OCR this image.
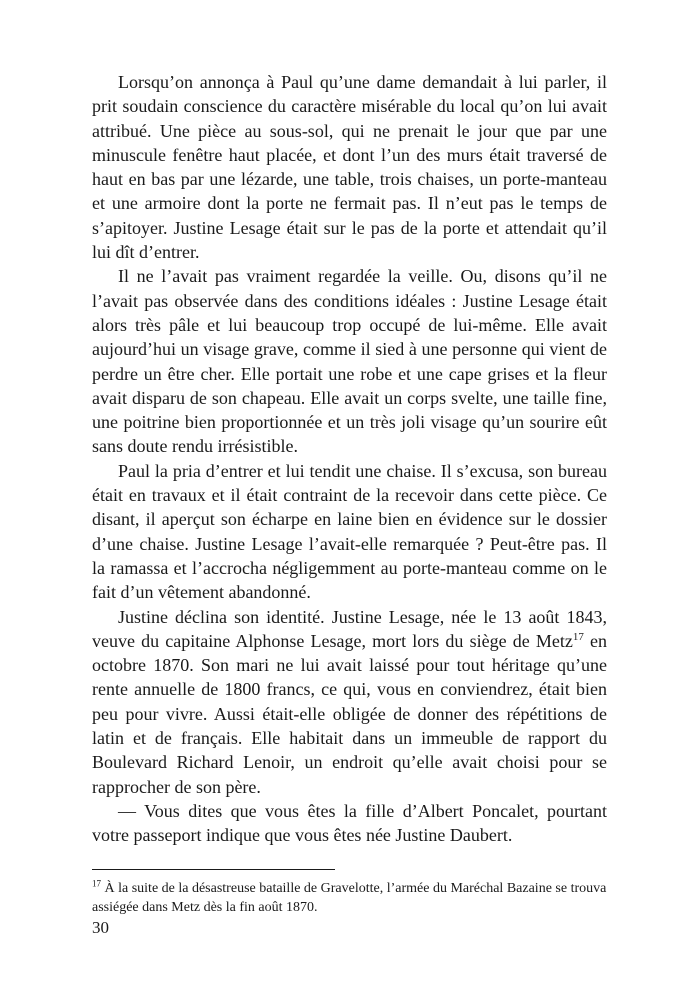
Lorsqu’on annonça à Paul qu’une dame demandait à lui parler, il prit soudain conscience du caractère misérable du local qu’on lui avait attribué. Une pièce au sous-sol, qui ne prenait le jour que par une minuscule fenêtre haut placée, et dont l’un des murs était traversé de haut en bas par une lézarde, une table, trois chaises, un porte-manteau et une armoire dont la porte ne fermait pas. Il n’eut pas le temps de s’apitoyer. Justine Lesage était sur le pas de la porte et attendait qu’il lui dît d’entrer.

Il ne l’avait pas vraiment regardée la veille. Ou, disons qu’il ne l’avait pas observée dans des conditions idéales : Justine Lesage était alors très pâle et lui beaucoup trop occupé de lui-même. Elle avait aujourd’hui un visage grave, comme il sied à une personne qui vient de perdre un être cher. Elle portait une robe et une cape grises et la fleur avait disparu de son chapeau. Elle avait un corps svelte, une taille fine, une poitrine bien proportionnée et un très joli visage qu’un sourire eût sans doute rendu irrésistible.

Paul la pria d’entrer et lui tendit une chaise. Il s’excusa, son bureau était en travaux et il était contraint de la recevoir dans cette pièce. Ce disant, il aperçut son écharpe en laine bien en évidence sur le dossier d’une chaise. Justine Lesage l’avait-elle remarquée ? Peut-être pas. Il la ramassa et l’accrocha négligemment au porte-manteau comme on le fait d’un vêtement abandonné.

Justine déclina son identité. Justine Lesage, née le 13 août 1843, veuve du capitaine Alphonse Lesage, mort lors du siège de Metz$^{17}$ en octobre 1870. Son mari ne lui avait laissé pour tout héritage qu’une rente annuelle de 1800 francs, ce qui, vous en conviendrez, était bien peu pour vivre. Aussi était-elle obligée de donner des répétitions de latin et de français. Elle habitait dans un immeuble de rapport du Boulevard Richard Lenoir, un endroit qu’elle avait choisi pour se rapprocher de son père.

— Vous dites que vous êtes la fille d’Albert Poncalet, pourtant votre passeport indique que vous êtes née Justine Daubert.

$^{17}$ À la suite de la désastreuse bataille de Gravelotte, l’armée du Maréchal Bazaine se trouva assiégée dans Metz dès la fin août 1870.

30
